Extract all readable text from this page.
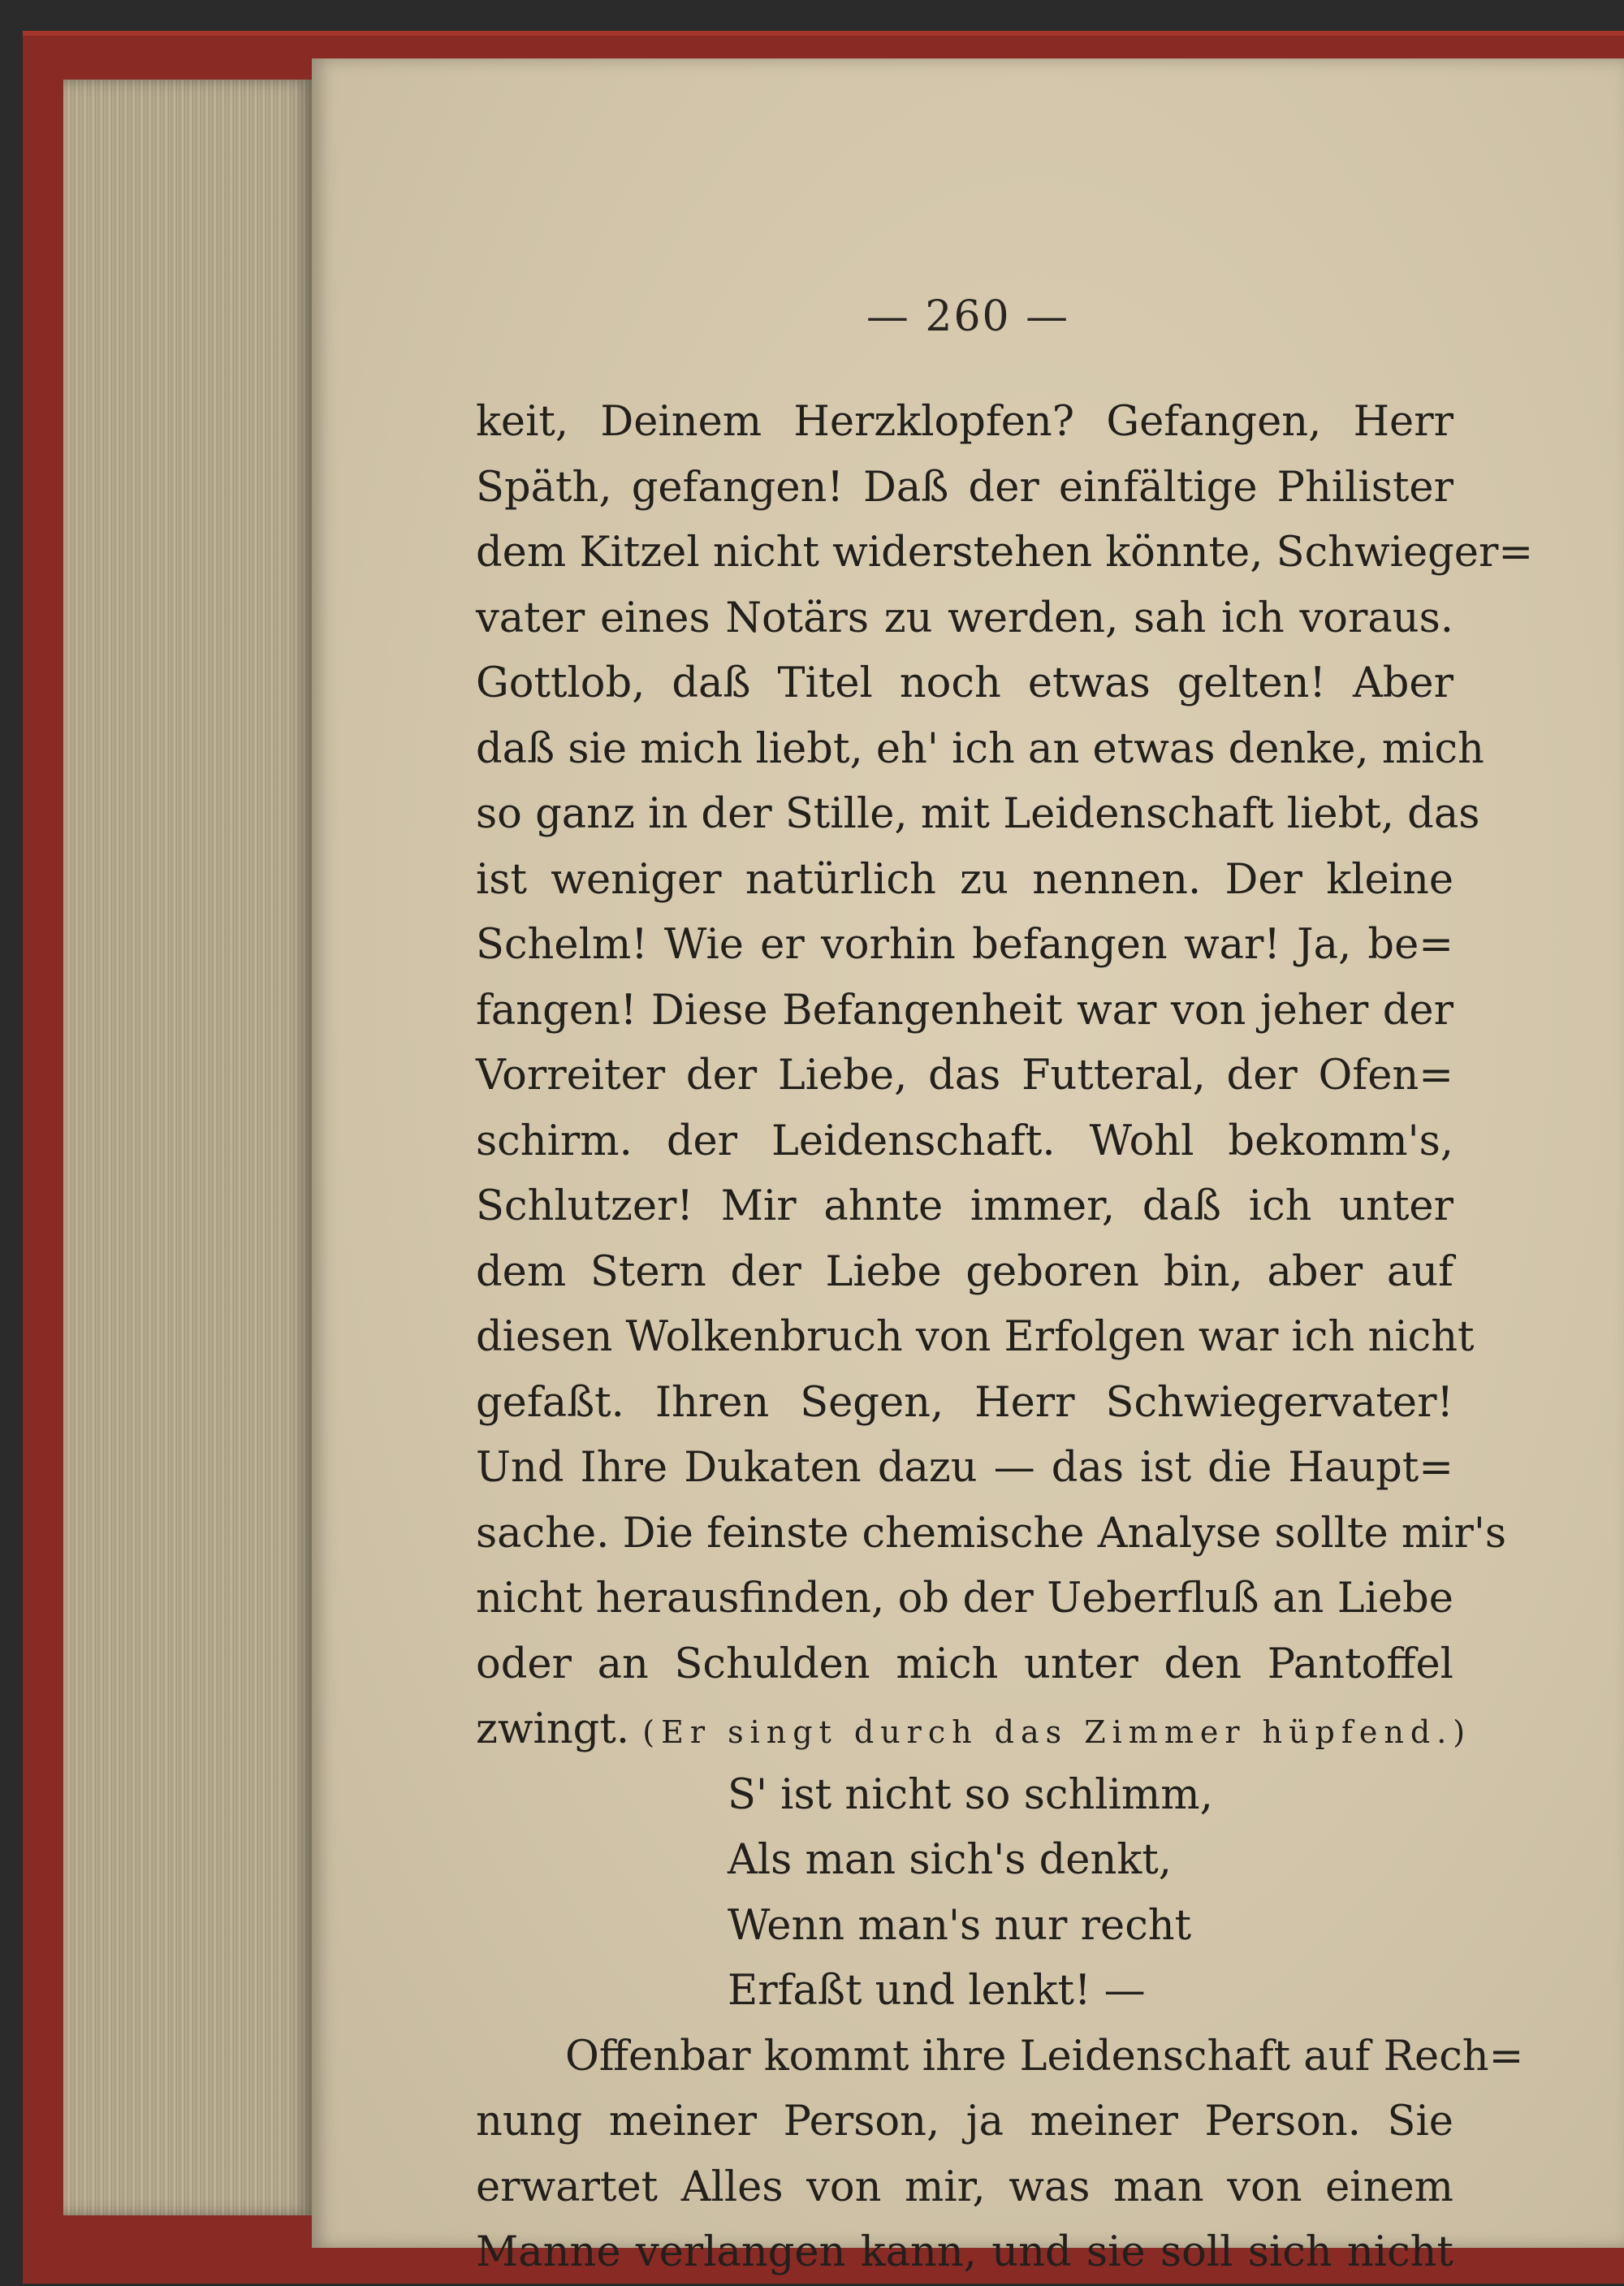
— 260 —
keit, Deinem Herzklopfen? Gefangen, Herr
Späth, gefangen! Daß der einfältige Philister
dem Kitzel nicht widerstehen könnte, Schwieger=
vater eines Notärs zu werden, sah ich voraus.
Gottlob, daß Titel noch etwas gelten! Aber
daß sie mich liebt, eh' ich an etwas denke, mich
so ganz in der Stille, mit Leidenschaft liebt, das
ist weniger natürlich zu nennen. Der kleine
Schelm! Wie er vorhin befangen war! Ja, be=
fangen! Diese Befangenheit war von jeher der
Vorreiter der Liebe, das Futteral, der Ofen=
schirm. der Leidenschaft. Wohl bekomm's,
Schlutzer! Mir ahnte immer, daß ich unter
dem Stern der Liebe geboren bin, aber auf
diesen Wolkenbruch von Erfolgen war ich nicht
gefaßt. Ihren Segen, Herr Schwiegervater!
Und Ihre Dukaten dazu — das ist die Haupt=
sache. Die feinste chemische Analyse sollte mir's
nicht herausfinden, ob der Ueberfluß an Liebe
oder an Schulden mich unter den Pantoffel
zwingt. (Er singt durch das Zimmer hüpfend.)
S' ist nicht so schlimm,
Als man sich's denkt,
Wenn man's nur recht
Erfaßt und lenkt! —
Offenbar kommt ihre Leidenschaft auf Rech=
nung meiner Person, ja meiner Person. Sie
erwartet Alles von mir, was man von einem
Manne verlangen kann, und sie soll sich nicht
